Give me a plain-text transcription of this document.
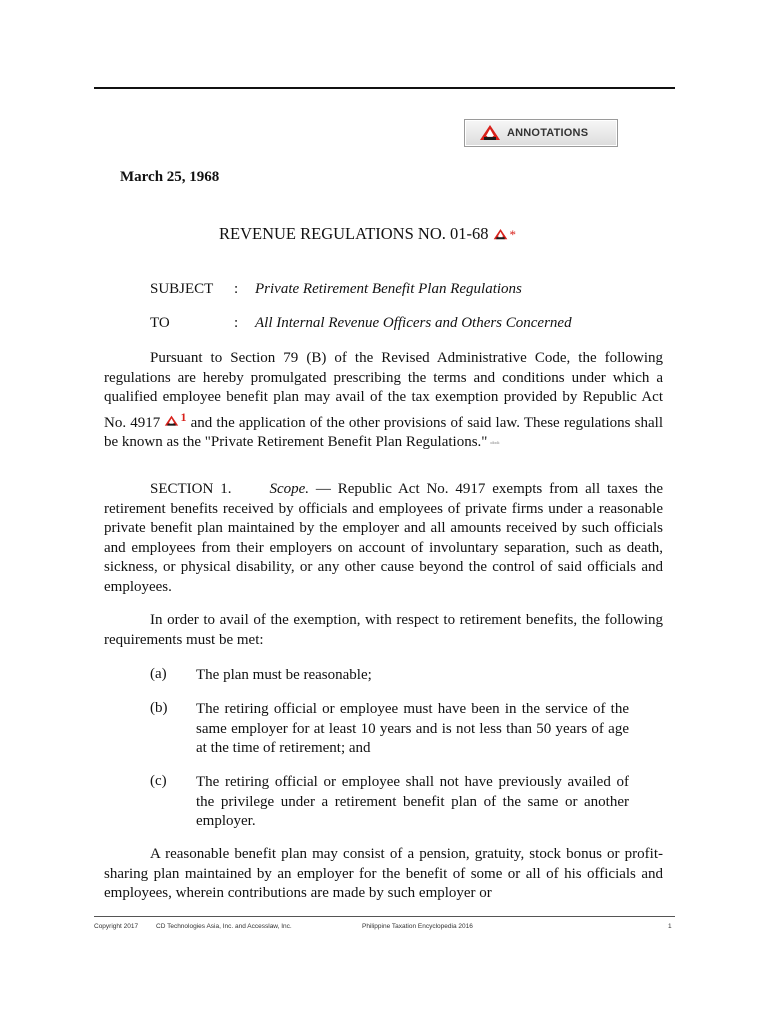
ANNOTATIONS
March 25, 1968
REVENUE REGULATIONS NO. 01-68 *
SUBJECT : Private Retirement Benefit Plan Regulations
TO	: All Internal Revenue Officers and Others Concerned

Pursuant to Section 79 (B) of the Revised Administrative Code, the following regulations are hereby promulgated prescribing the terms and conditions under which a qualified employee benefit plan may avail of the tax exemption provided by Republic Act No. 4917 $^1$ and the application of the other provisions of said law. These regulations shall be known as the "Private Retirement Benefit Plan Regulations." ıdcıdı

SECTION 1.	Scope. — Republic Act No. 4917 exempts from all taxes the retirement benefits received by officials and employees of private firms under a reasonable private benefit plan maintained by the employer and all amounts received by such officials and employees from their employers on account of involuntary separation, such as death, sickness, or physical disability, or any other cause beyond the control of said officials and employees.

In order to avail of the exemption, with respect to retirement benefits, the following requirements must be met:

(a) The plan must be reasonable;

(b) The retiring official or employee must have been in the service of the same employer for at least 10 years and is not less than 50 years of age at the time of retirement; and

(c) The retiring official or employee shall not have previously availed of the privilege under a retirement benefit plan of the same or another employer.

A reasonable benefit plan may consist of a pension, gratuity, stock bonus or profit-sharing plan maintained by an employer for the benefit of some or all of his officials and employees, wherein contributions are made by such employer or

Copyright 2017	CD Technologies Asia, Inc. and Accesslaw, Inc.	Philippine Taxation Encyclopedia 2016	1
